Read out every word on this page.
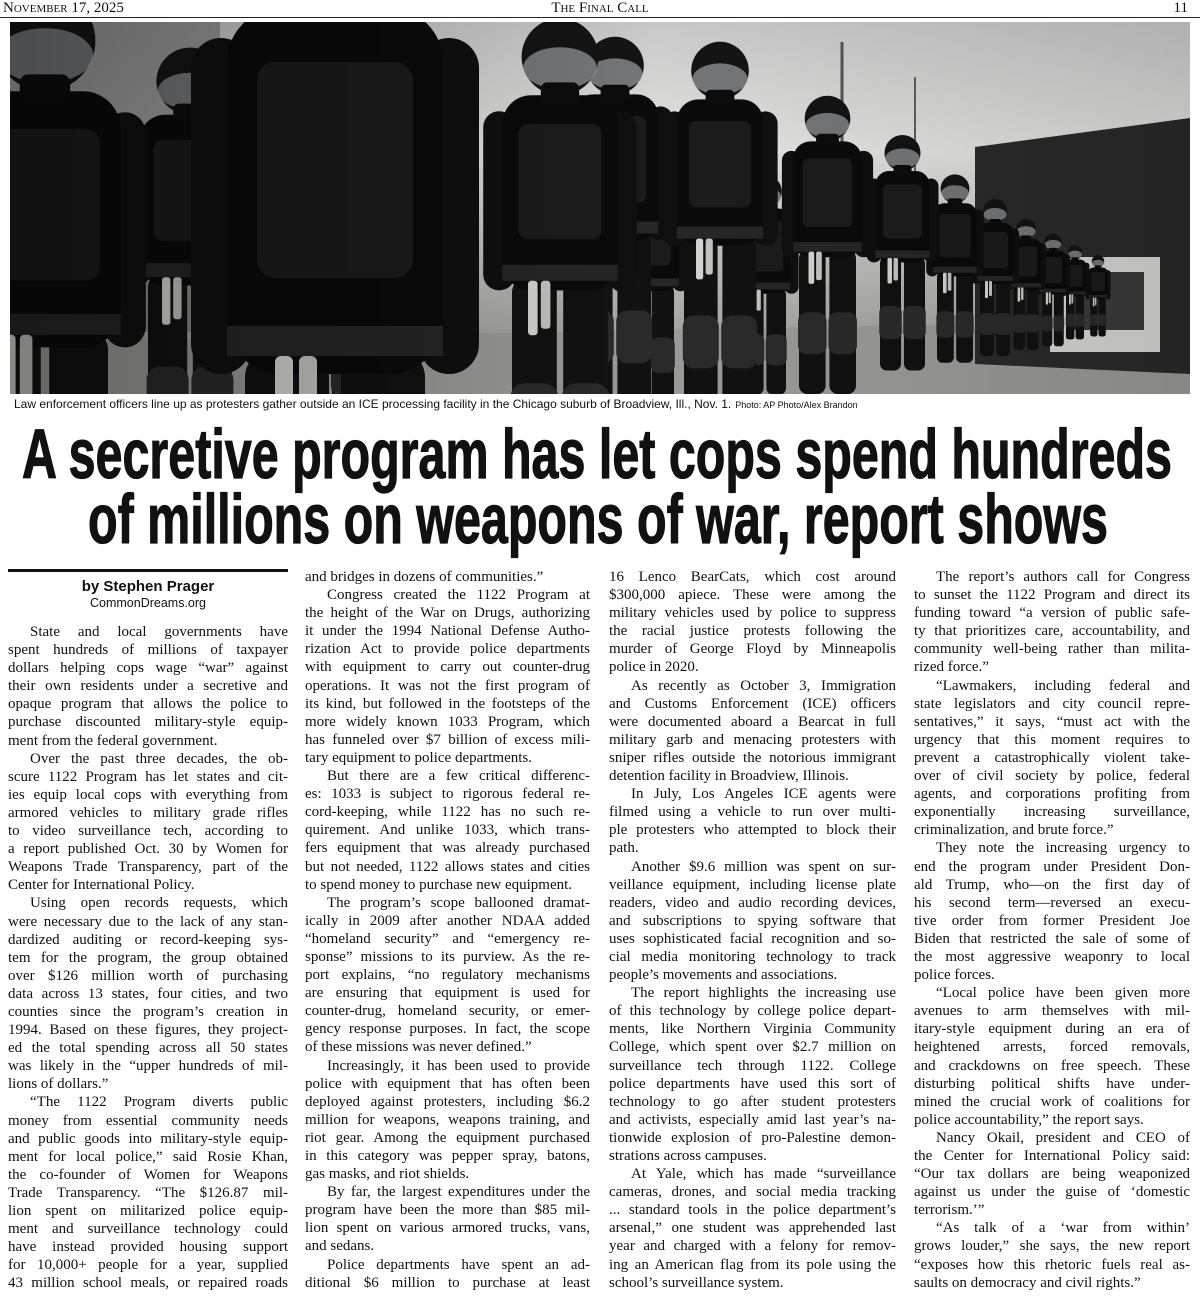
November 17, 2025	The Final Call	11
Law enforcement officers line up as protesters gather outside an ICE processing facility in the Chicago suburb of Broadview, Ill., Nov. 1. Photo: AP Photo/Alex Brandon
A secretive program has let cops spend hundreds
of millions on weapons of war, report shows
by Stephen Prager
CommonDreams.org
State and local governments have
spent hundreds of millions of taxpayer
dollars helping cops wage “war” against
their own residents under a secretive and
opaque program that allows the police to
purchase discounted military-style equip-
ment from the federal government.
Over the past three decades, the ob-
scure 1122 Program has let states and cit-
ies equip local cops with everything from
armored vehicles to military grade rifles
to video surveillance tech, according to
a report published Oct. 30 by Women for
Weapons Trade Transparency, part of the
Center for International Policy.
Using open records requests, which
were necessary due to the lack of any stan-
dardized auditing or record-keeping sys-
tem for the program, the group obtained
over $126 million worth of purchasing
data across 13 states, four cities, and two
counties since the program’s creation in
1994. Based on these figures, they project-
ed the total spending across all 50 states
was likely in the “upper hundreds of mil-
lions of dollars.”
“The 1122 Program diverts public
money from essential community needs
and public goods into military-style equip-
ment for local police,” said Rosie Khan,
the co-founder of Women for Weapons
Trade Transparency. “The $126.87 mil-
lion spent on militarized police equip-
ment and surveillance technology could
have instead provided housing support
for 10,000+ people for a year, supplied
43 million school meals, or repaired roads
and bridges in dozens of communities.”
Congress created the 1122 Program at
the height of the War on Drugs, authorizing
it under the 1994 National Defense Autho-
rization Act to provide police departments
with equipment to carry out counter-drug
operations. It was not the first program of
its kind, but followed in the footsteps of the
more widely known 1033 Program, which
has funneled over $7 billion of excess mili-
tary equipment to police departments.
But there are a few critical differenc-
es: 1033 is subject to rigorous federal re-
cord-keeping, while 1122 has no such re-
quirement. And unlike 1033, which trans-
fers equipment that was already purchased
but not needed, 1122 allows states and cities
to spend money to purchase new equipment.
The program’s scope ballooned dramat-
ically in 2009 after another NDAA added
“homeland security” and “emergency re-
sponse” missions to its purview. As the re-
port explains, “no regulatory mechanisms
are ensuring that equipment is used for
counter-drug, homeland security, or emer-
gency response purposes. In fact, the scope
of these missions was never defined.”
Increasingly, it has been used to provide
police with equipment that has often been
deployed against protesters, including $6.2
million for weapons, weapons training, and
riot gear. Among the equipment purchased
in this category was pepper spray, batons,
gas masks, and riot shields.
By far, the largest expenditures under the
program have been the more than $85 mil-
lion spent on various armored trucks, vans,
and sedans.
Police departments have spent an ad-
ditional $6 million to purchase at least
16 Lenco BearCats, which cost around
$300,000 apiece. These were among the
military vehicles used by police to suppress
the racial justice protests following the
murder of George Floyd by Minneapolis
police in 2020.
As recently as October 3, Immigration
and Customs Enforcement (ICE) officers
were documented aboard a Bearcat in full
military garb and menacing protesters with
sniper rifles outside the notorious immigrant
detention facility in Broadview, Illinois.
In July, Los Angeles ICE agents were
filmed using a vehicle to run over multi-
ple protesters who attempted to block their
path.
Another $9.6 million was spent on sur-
veillance equipment, including license plate
readers, video and audio recording devices,
and subscriptions to spying software that
uses sophisticated facial recognition and so-
cial media monitoring technology to track
people’s movements and associations.
The report highlights the increasing use
of this technology by college police depart-
ments, like Northern Virginia Community
College, which spent over $2.7 million on
surveillance tech through 1122. College
police departments have used this sort of
technology to go after student protesters
and activists, especially amid last year’s na-
tionwide explosion of pro-Palestine demon-
strations across campuses.
At Yale, which has made “surveillance
cameras, drones, and social media tracking
... standard tools in the police department’s
arsenal,” one student was apprehended last
year and charged with a felony for remov-
ing an American flag from its pole using the
school’s surveillance system.
The report’s authors call for Congress
to sunset the 1122 Program and direct its
funding toward “a version of public safe-
ty that prioritizes care, accountability, and
community well-being rather than milita-
rized force.”
“Lawmakers, including federal and
state legislators and city council repre-
sentatives,” it says, “must act with the
urgency that this moment requires to
prevent a catastrophically violent take-
over of civil society by police, federal
agents, and corporations profiting from
exponentially increasing surveillance,
criminalization, and brute force.”
They note the increasing urgency to
end the program under President Don-
ald Trump, who—on the first day of
his second term—reversed an execu-
tive order from former President Joe
Biden that restricted the sale of some of
the most aggressive weaponry to local
police forces.
“Local police have been given more
avenues to arm themselves with mil-
itary-style equipment during an era of
heightened arrests, forced removals,
and crackdowns on free speech. These
disturbing political shifts have under-
mined the crucial work of coalitions for
police accountability,” the report says.
Nancy Okail, president and CEO of
the Center for International Policy said:
“Our tax dollars are being weaponized
against us under the guise of ‘domestic
terrorism.’”
“As talk of a ‘war from within’
grows louder,” she says, the new report
“exposes how this rhetoric fuels real as-
saults on democracy and civil rights.”
